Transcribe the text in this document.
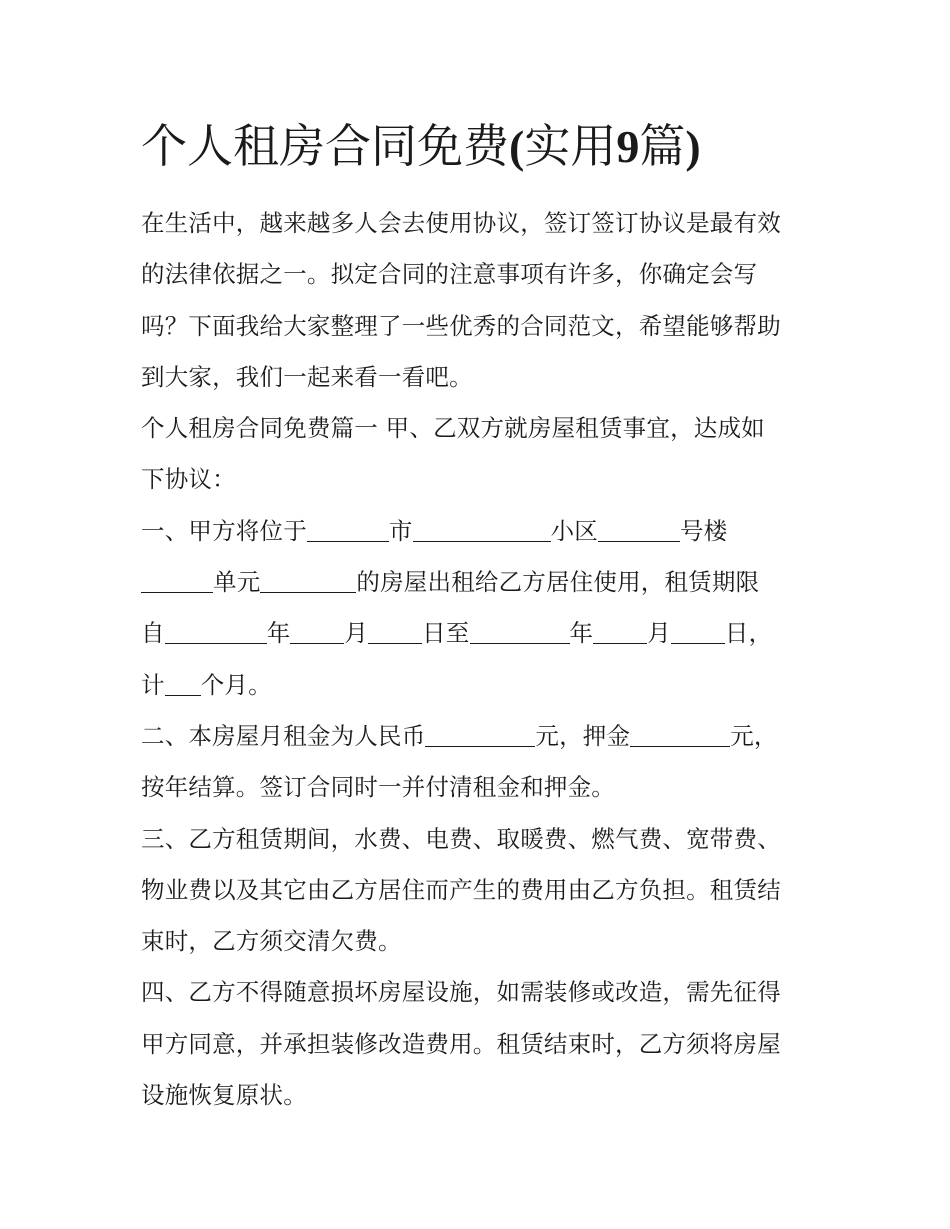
个人租房合同免费(实用9篇)

在生活中，越来越多人会去使用协议，签订签订协议是最有效
的法律依据之一。拟定合同的注意事项有许多，你确定会写
吗？下面我给大家整理了一些优秀的合同范文，希望能够帮助
到大家，我们一起来看一看吧。

个人租房合同免费篇一 甲、乙双方就房屋租赁事宜，达成如
下协议：

一、甲方将位于	市	小区	号楼
单元	的房屋出租给乙方居住使用，租赁期限
自	年 月 日至	年 月 日，
计 个月。

二、本房屋月租金为人民币	元，押金	元，
按年结算。签订合同时一并付清租金和押金。

三、乙方租赁期间，水费、电费、取暖费、燃气费、宽带费、
物业费以及其它由乙方居住而产生的费用由乙方负担。租赁结
束时，乙方须交清欠费。

四、乙方不得随意损坏房屋设施，如需装修或改造，需先征得
甲方同意，并承担装修改造费用。租赁结束时，乙方须将房屋
设施恢复原状。
